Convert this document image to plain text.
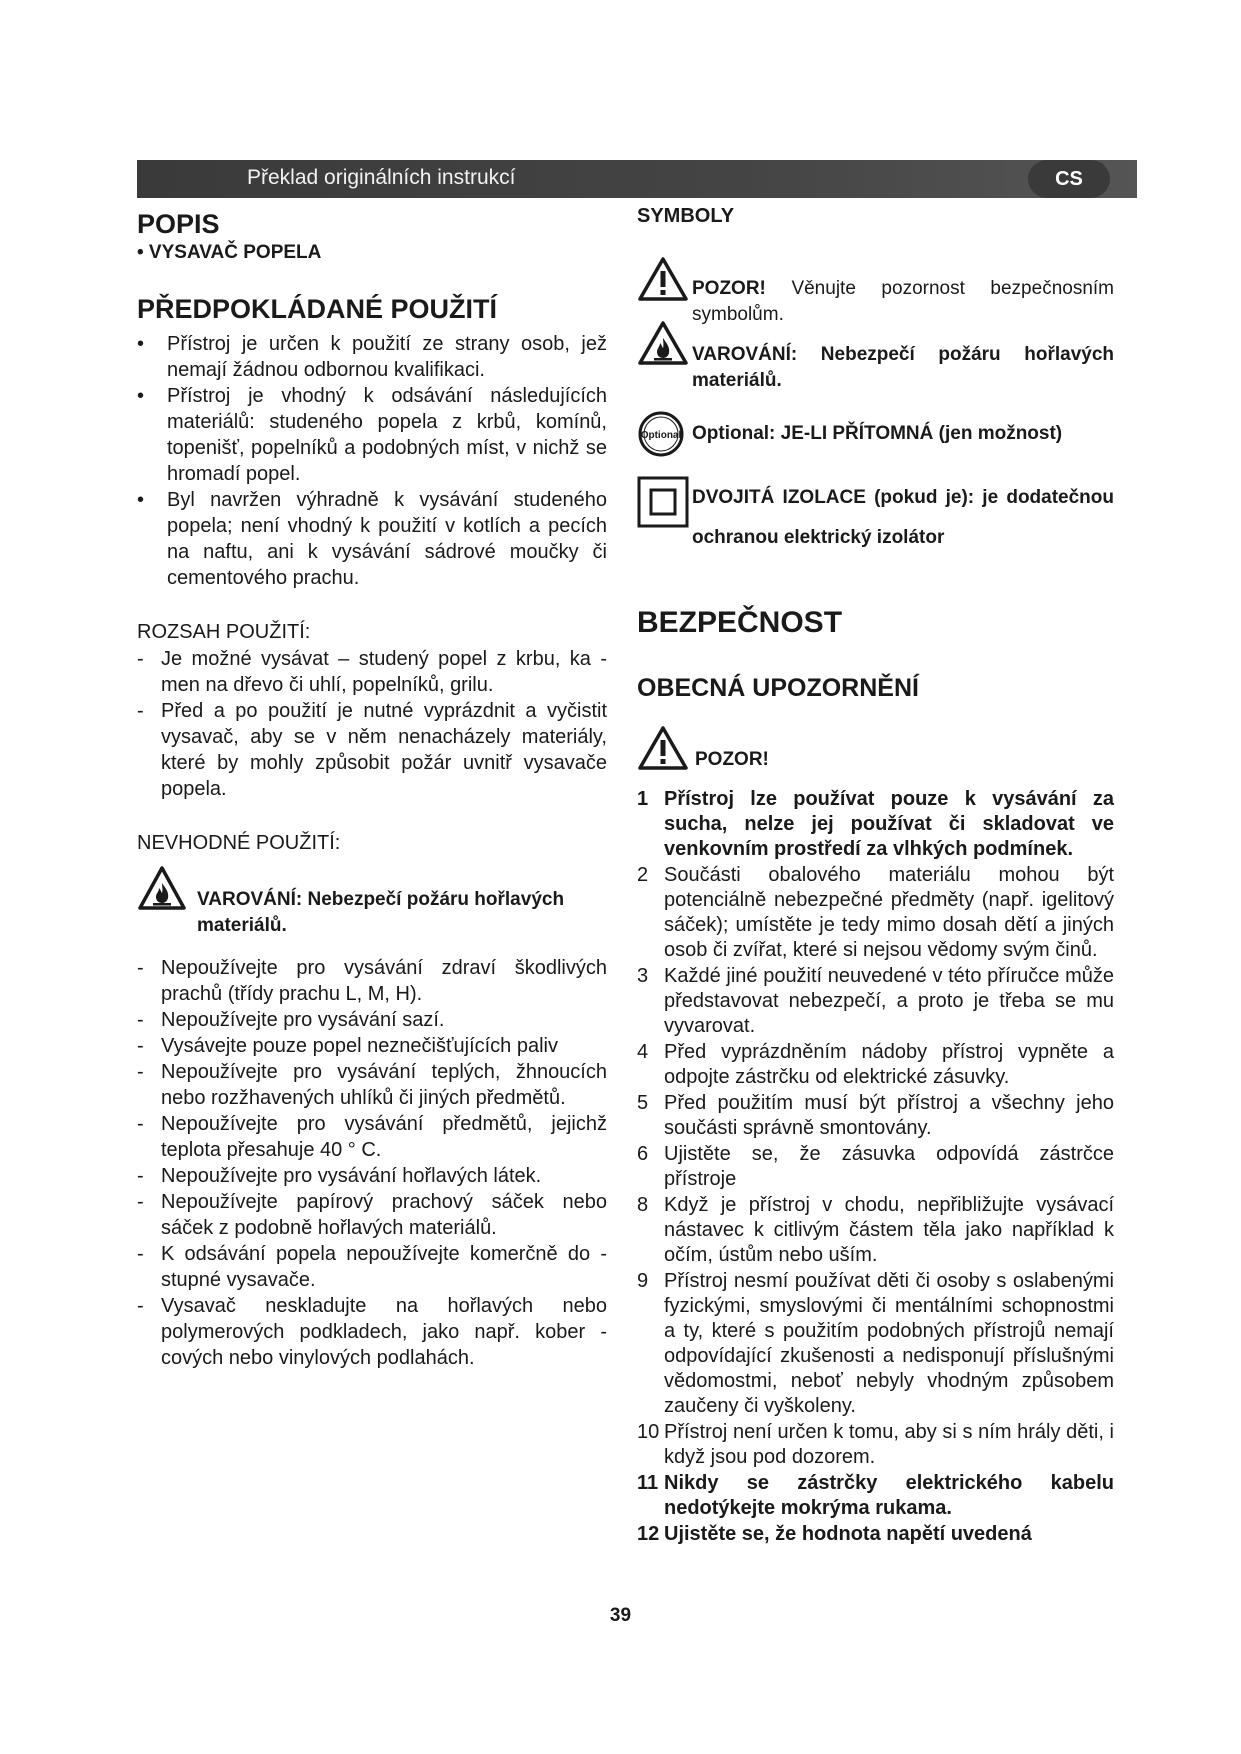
Překlad originálních instrukcí	CS
POPIS
• VYSAVAČ POPELA
PŘEDPOKLÁDANÉ POUŽITÍ
• Přístroj je určen k použití ze strany osob, jež nemají žádnou odbornou kvalifikaci.
• Přístroj je vhodný k odsávání následujících materiálů: studeného popela z krbů, komínů, topenišť, popelníků a podobných míst, v nichž se hromadí popel.
• Byl navržen výhradně k vysávání studeného popela; není vhodný k použití v kotlích a pecích na naftu, ani k vysávání sádrové moučky či cementového prachu.
ROZSAH POUŽITÍ:
- Je možné vysávat – studený popel z krbu, ka - men na dřevo či uhlí, popelníků, grilu.
- Před a po použití je nutné vyprázdnit a vyčistit vysavač, aby se v něm nenacházely materiály, které by mohly způsobit požár uvnitř vysavače popela.
NEVHODNÉ POUŽITÍ:
VAROVÁNÍ: Nebezpečí požáru hořlavých materiálů.
- Nepoužívejte pro vysávání zdraví škodlivých prachů (třídy prachu L, M, H).
- Nepoužívejte pro vysávání sazí.
- Vysávejte pouze popel neznečišťujících paliv
- Nepoužívejte pro vysávání teplých, žhnoucích nebo rozžhavených uhlíků či jiných předmětů.
- Nepoužívejte pro vysávání předmětů, jejichž teplota přesahuje 40 ° C.
- Nepoužívejte pro vysávání hořlavých látek.
- Nepoužívejte papírový prachový sáček nebo sáček z podobně hořlavých materiálů.
- K odsávání popela nepoužívejte komerčně do - stupné vysavače.
- Vysavač neskladujte na hořlavých nebo polymerových podkladech, jako např. kober - cových nebo vinylových podlahách.
SYMBOLY
POZOR! Věnujte pozornost bezpečnosním symbolům.
VAROVÁNÍ: Nebezpečí požáru hořlavých materiálů.
Optional Optional: JE-LI PŘÍTOMNÁ (jen možnost)
DVOJITÁ IZOLACE (pokud je): je dodatečnou ochranou elektrický izolátor
BEZPEČNOST
OBECNÁ UPOZORNĚNÍ
POZOR!
1 Přístroj lze používat pouze k vysávání za sucha, nelze jej používat či skladovat ve venkovním prostředí za vlhkých podmínek.
2 Součásti obalového materiálu mohou být potenciálně nebezpečné předměty (např. igelitový sáček); umístěte je tedy mimo dosah dětí a jiných osob či zvířat, které si nejsou vědomy svým činů.
3 Každé jiné použití neuvedené v této příručce může představovat nebezpečí, a proto je třeba se mu vyvarovat.
4 Před vyprázdněním nádoby přístroj vypněte a odpojte zástrčku od elektrické zásuvky.
5 Před použitím musí být přístroj a všechny jeho součásti správně smontovány.
6 Ujistěte se, že zásuvka odpovídá zástrčce přístroje
8 Když je přístroj v chodu, nepřibližujte vysávací nástavec k citlivým částem těla jako například k očím, ústům nebo uším.
9 Přístroj nesmí používat děti či osoby s oslabenými fyzickými, smyslovými či mentálními schopnostmi a ty, které s použitím podobných přístrojů nemají odpovídající zkušenosti a nedisponují příslušnými vědomostmi, neboť nebyly vhodným způsobem zaučeny či vyškoleny.
10 Přístroj není určen k tomu, aby si s ním hrály děti, i když jsou pod dozorem.
11 Nikdy se zástrčky elektrického kabelu nedotýkejte mokrýma rukama.
12 Ujistěte se, že hodnota napětí uvedená
39
